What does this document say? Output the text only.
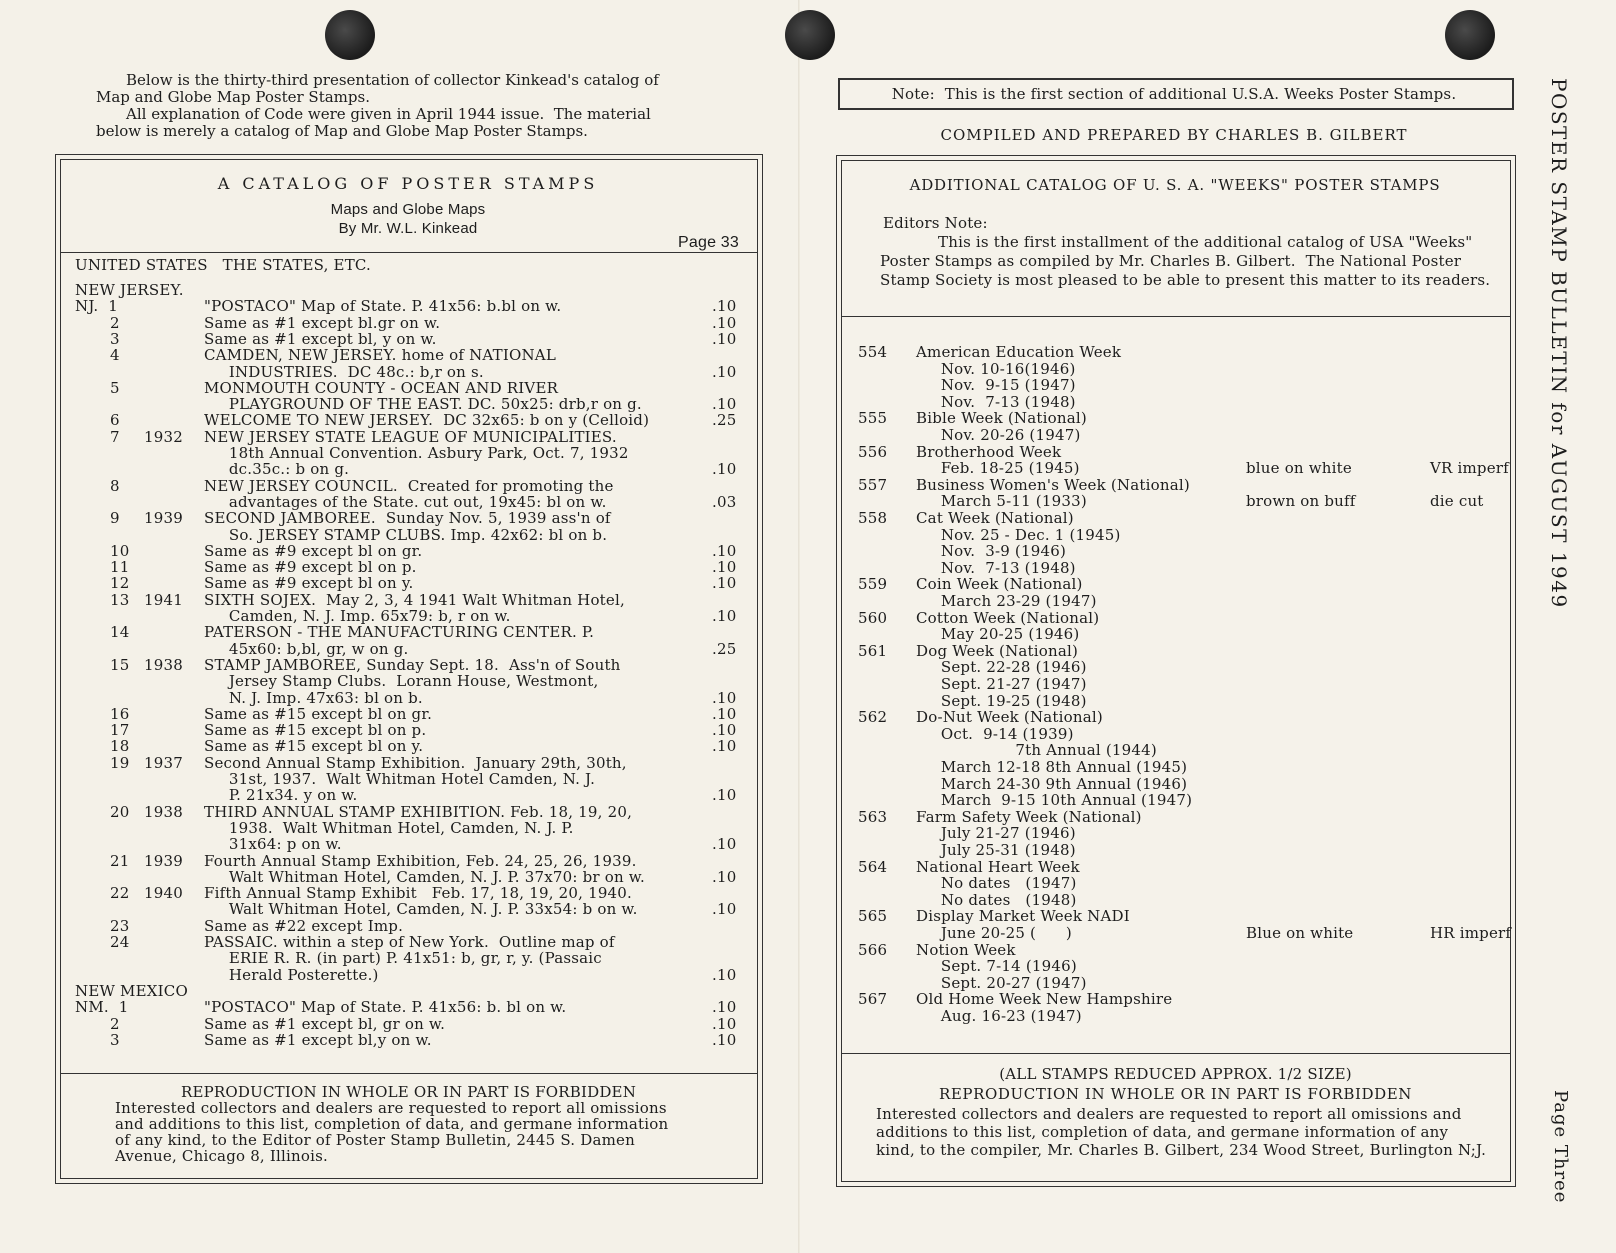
Below is the thirty-third presentation of collector Kinkead's catalog of
Map and Globe Map Poster Stamps.
All explanation of Code were given in April 1944 issue.  The material
below is merely a catalog of Map and Globe Map Poster Stamps.
A CATALOG OF POSTER STAMPS
Maps and Globe Maps
By Mr. W.L. Kinkead
Page 33
UNITED STATES   THE STATES, ETC.
NEW JERSEY.
NJ.  1	"POSTACO" Map of State. P. 41x56: b.bl on w.	.10
2	Same as #1 except bl.gr on w.	.10
3	Same as #1 except bl, y on w.	.10
4	CAMDEN, NEW JERSEY. home of NATIONAL
INDUSTRIES.  DC 48c.: b,r on s.	.10
5	MONMOUTH COUNTY - OCEAN AND RIVER
PLAYGROUND OF THE EAST. DC. 50x25: drb,r on g.	.10
6	WELCOME TO NEW JERSEY.  DC 32x65: b on y (Celloid)	.25
7 1932 NEW JERSEY STATE LEAGUE OF MUNICIPALITIES.
18th Annual Convention. Asbury Park, Oct. 7, 1932
dc.35c.: b on g.	.10
8	NEW JERSEY COUNCIL.  Created for promoting the
advantages of the State. cut out, 19x45: bl on w.	.03
9 1939 SECOND JAMBOREE.  Sunday Nov. 5, 1939 ass'n of
So. JERSEY STAMP CLUBS. Imp. 42x62: bl on b.
10	Same as #9 except bl on gr.	.10
11	Same as #9 except bl on p.	.10
12	Same as #9 except bl on y.	.10
13 1941 SIXTH SOJEX.  May 2, 3, 4 1941 Walt Whitman Hotel,
Camden, N. J. Imp. 65x79: b, r on w.	.10
14	PATERSON - THE MANUFACTURING CENTER. P.
45x60: b,bl, gr, w on g.	.25
15 1938 STAMP JAMBOREE, Sunday Sept. 18.  Ass'n of South
Jersey Stamp Clubs.  Lorann House, Westmont,
N. J. Imp. 47x63: bl on b.	.10
16	Same as #15 except bl on gr.	.10
17	Same as #15 except bl on p.	.10
18	Same as #15 except bl on y.	.10
19 1937 Second Annual Stamp Exhibition.  January 29th, 30th,
31st, 1937.  Walt Whitman Hotel Camden, N. J.
P. 21x34. y on w.	.10
20 1938 THIRD ANNUAL STAMP EXHIBITION. Feb. 18, 19, 20,
1938.  Walt Whitman Hotel, Camden, N. J. P.
31x64: p on w.	.10
21 1939 Fourth Annual Stamp Exhibition, Feb. 24, 25, 26, 1939.
Walt Whitman Hotel, Camden, N. J. P. 37x70: br on w.	.10
22 1940 Fifth Annual Stamp Exhibit   Feb. 17, 18, 19, 20, 1940.
Walt Whitman Hotel, Camden, N. J. P. 33x54: b on w.	.10
23	Same as #22 except Imp.
24	PASSAIC. within a step of New York.  Outline map of
ERIE R. R. (in part) P. 41x51: b, gr, r, y. (Passaic
Herald Posterette.)	.10
NEW MEXICO
NM.  1	"POSTACO" Map of State. P. 41x56: b. bl on w.	.10
2	Same as #1 except bl, gr on w.	.10
3	Same as #1 except bl,y on w.	.10
REPRODUCTION IN WHOLE OR IN PART IS FORBIDDEN
Interested collectors and dealers are requested to report all omissions
and additions to this list, completion of data, and germane information
of any kind, to the Editor of Poster Stamp Bulletin, 2445 S. Damen
Avenue, Chicago 8, Illinois.
Note:  This is the first section of additional U.S.A. Weeks Poster Stamps.
COMPILED AND PREPARED BY CHARLES B. GILBERT
ADDITIONAL CATALOG OF U. S. A. "WEEKS" POSTER STAMPS
Editors Note:
This is the first installment of the additional catalog of USA "Weeks"
Poster Stamps as compiled by Mr. Charles B. Gilbert.  The National Poster
Stamp Society is most pleased to be able to present this matter to its readers.
554 American Education Week
Nov. 10-16(1946)
Nov.  9-15 (1947)
Nov.  7-13 (1948)
555 Bible Week (National)
Nov. 20-26 (1947)
556 Brotherhood Week
Feb. 18-25 (1945)	blue on white	VR imperf
557 Business Women's Week (National)
March 5-11 (1933)	brown on buff	die cut
558 Cat Week (National)
Nov. 25 - Dec. 1 (1945)
Nov.  3-9 (1946)
Nov.  7-13 (1948)
559 Coin Week (National)
March 23-29 (1947)
560 Cotton Week (National)
May 20-25 (1946)
561 Dog Week (National)
Sept. 22-28 (1946)
Sept. 21-27 (1947)
Sept. 19-25 (1948)
562 Do-Nut Week (National)
Oct.  9-14 (1939)
7th Annual (1944)
March 12-18 8th Annual (1945)
March 24-30 9th Annual (1946)
March  9-15 10th Annual (1947)
563 Farm Safety Week (National)
July 21-27 (1946)
July 25-31 (1948)
564 National Heart Week
No dates   (1947)
No dates   (1948)
565 Display Market Week NADI
June 20-25 (      )	Blue on white	HR imperf
566 Notion Week
Sept. 7-14 (1946)
Sept. 20-27 (1947)
567 Old Home Week New Hampshire
Aug. 16-23 (1947)
(ALL STAMPS REDUCED APPROX. 1/2 SIZE)
REPRODUCTION IN WHOLE OR IN PART IS FORBIDDEN
Interested collectors and dealers are requested to report all omissions and
additions to this list, completion of data, and germane information of any
kind, to the compiler, Mr. Charles B. Gilbert, 234 Wood Street, Burlington N;J.
POSTER STAMP BULLETIN for AUGUST 1949
Page Three
